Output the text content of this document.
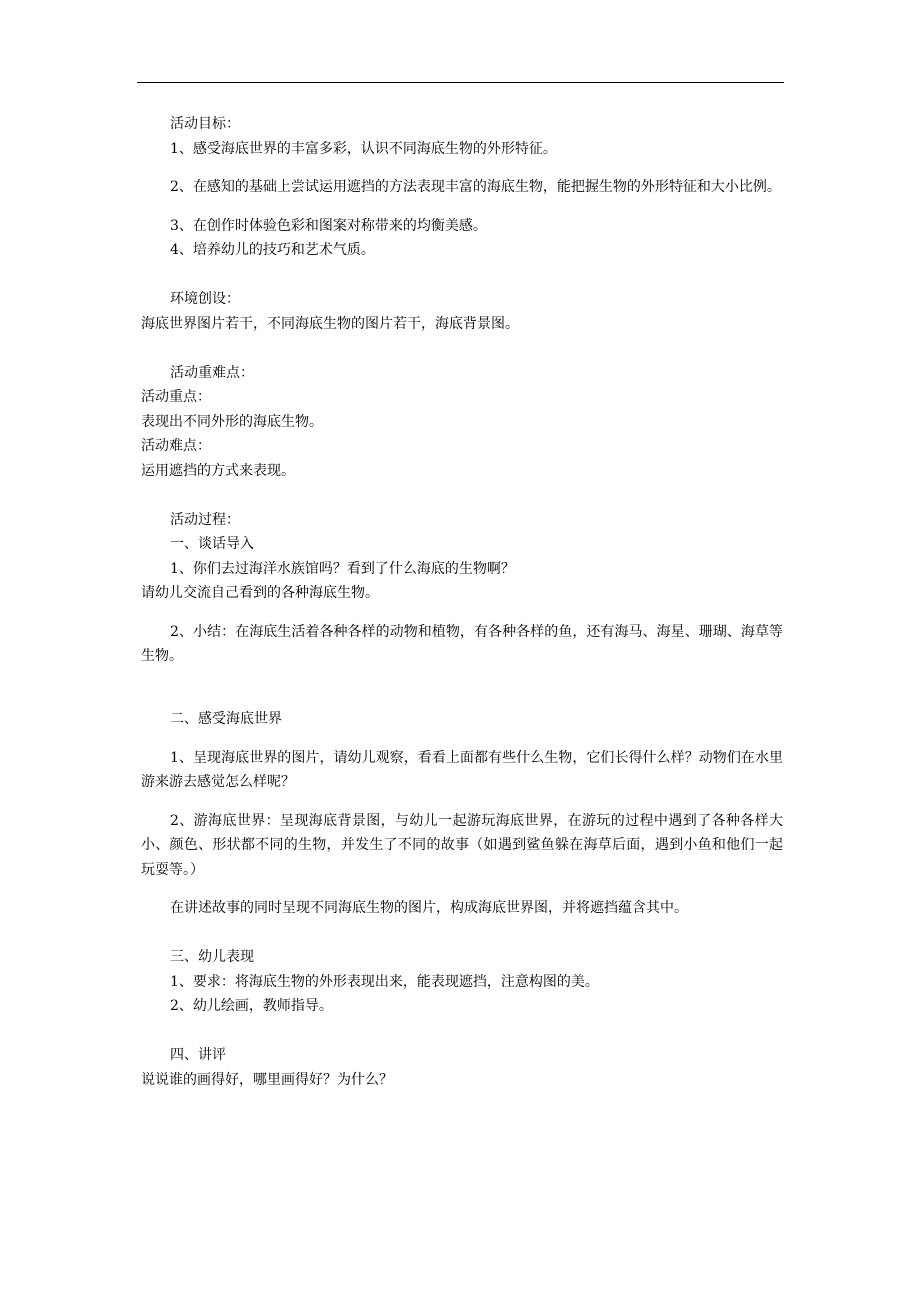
活动目标：

1、感受海底世界的丰富多彩，认识不同海底生物的外形特征。

2、在感知的基础上尝试运用遮挡的方法表现丰富的海底生物，能把握生物的外形特征和大小比例。

3、在创作时体验色彩和图案对称带来的均衡美感。

4、培养幼儿的技巧和艺术气质。

环境创设：

海底世界图片若干，不同海底生物的图片若干，海底背景图。

活动重难点：

活动重点：

表现出不同外形的海底生物。

活动难点：

运用遮挡的方式来表现。

活动过程：

一、谈话导入

1、你们去过海洋水族馆吗？看到了什么海底的生物啊？

请幼儿交流自己看到的各种海底生物。

2、小结：在海底生活着各种各样的动物和植物，有各种各样的鱼，还有海马、海星、珊瑚、海草等生物。

二、感受海底世界

1、呈现海底世界的图片，请幼儿观察，看看上面都有些什么生物，它们长得什么样？动物们在水里游来游去感觉怎么样呢？

2、游海底世界：呈现海底背景图，与幼儿一起游玩海底世界，在游玩的过程中遇到了各种各样大小、颜色、形状都不同的生物，并发生了不同的故事（如遇到鲨鱼躲在海草后面，遇到小鱼和他们一起玩耍等。）

在讲述故事的同时呈现不同海底生物的图片，构成海底世界图，并将遮挡蕴含其中。

三、幼儿表现

1、要求：将海底生物的外形表现出来，能表现遮挡，注意构图的美。

2、幼儿绘画，教师指导。

四、讲评

说说谁的画得好，哪里画得好？为什么？
